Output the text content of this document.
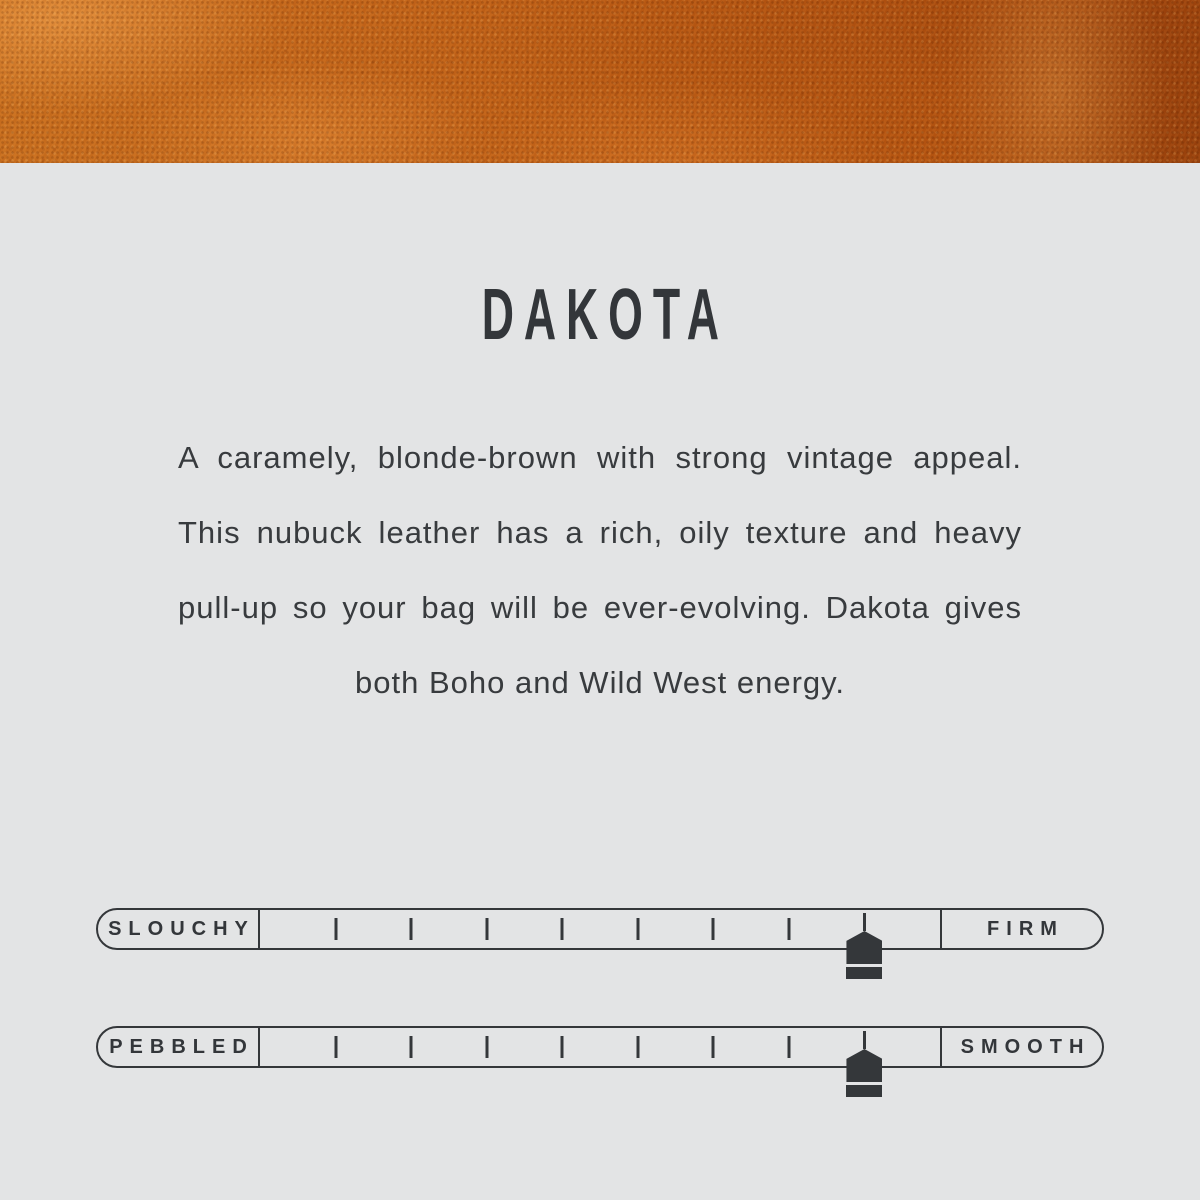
DAKOTA
A caramely, blonde-brown with strong vintage appeal.
This nubuck leather has a rich, oily texture and heavy
pull-up so your bag will be ever-evolving. Dakota gives
both Boho and Wild West energy.
SLOUCHY	FIRM
PEBBLED	SMOOTH
